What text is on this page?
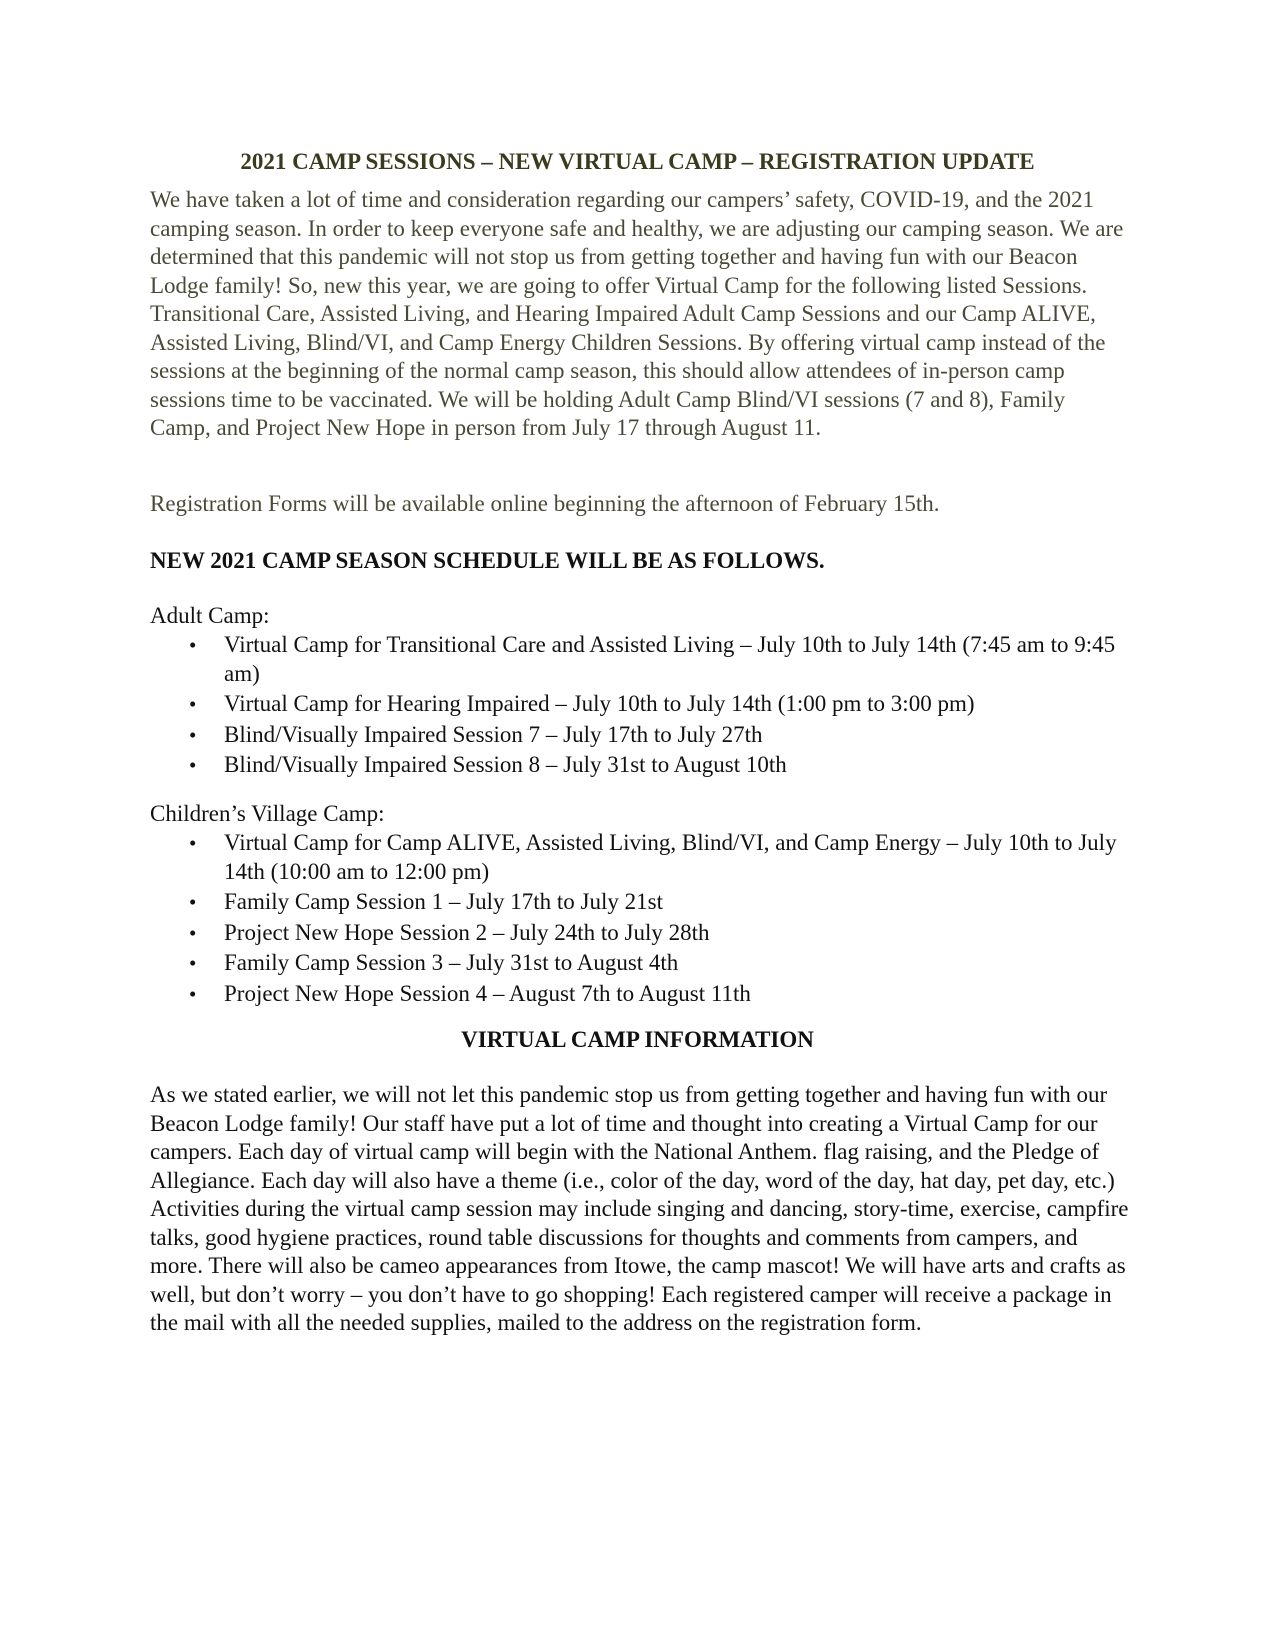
2021 CAMP SESSIONS – NEW VIRTUAL CAMP – REGISTRATION UPDATE
We have taken a lot of time and consideration regarding our campers’ safety, COVID-19, and the 2021 camping season. In order to keep everyone safe and healthy, we are adjusting our camping season. We are determined that this pandemic will not stop us from getting together and having fun with our Beacon Lodge family! So, new this year, we are going to offer Virtual Camp for the following listed Sessions. Transitional Care, Assisted Living, and Hearing Impaired Adult Camp Sessions and our Camp ALIVE, Assisted Living, Blind/VI, and Camp Energy Children Sessions. By offering virtual camp instead of the sessions at the beginning of the normal camp season, this should allow attendees of in-person camp sessions time to be vaccinated. We will be holding Adult Camp Blind/VI sessions (7 and 8), Family Camp, and Project New Hope in person from July 17 through August 11.
Registration Forms will be available online beginning the afternoon of February 15th.
NEW 2021 CAMP SEASON SCHEDULE WILL BE AS FOLLOWS.
Adult Camp:
• Virtual Camp for Transitional Care and Assisted Living – July 10th to July 14th (7:45 am to 9:45 am)
• Virtual Camp for Hearing Impaired – July 10th to July 14th (1:00 pm to 3:00 pm)
• Blind/Visually Impaired Session 7 – July 17th to July 27th
• Blind/Visually Impaired Session 8 – July 31st to August 10th
Children’s Village Camp:
• Virtual Camp for Camp ALIVE, Assisted Living, Blind/VI, and Camp Energy – July 10th to July 14th (10:00 am to 12:00 pm)
• Family Camp Session 1 – July 17th to July 21st
• Project New Hope Session 2 – July 24th to July 28th
• Family Camp Session 3 – July 31st to August 4th
• Project New Hope Session 4 – August 7th to August 11th
VIRTUAL CAMP INFORMATION
As we stated earlier, we will not let this pandemic stop us from getting together and having fun with our Beacon Lodge family! Our staff have put a lot of time and thought into creating a Virtual Camp for our campers. Each day of virtual camp will begin with the National Anthem. flag raising, and the Pledge of Allegiance. Each day will also have a theme (i.e., color of the day, word of the day, hat day, pet day, etc.) Activities during the virtual camp session may include singing and dancing, story-time, exercise, campfire talks, good hygiene practices, round table discussions for thoughts and comments from campers, and more. There will also be cameo appearances from Itowe, the camp mascot! We will have arts and crafts as well, but don’t worry – you don’t have to go shopping! Each registered camper will receive a package in the mail with all the needed supplies, mailed to the address on the registration form.
